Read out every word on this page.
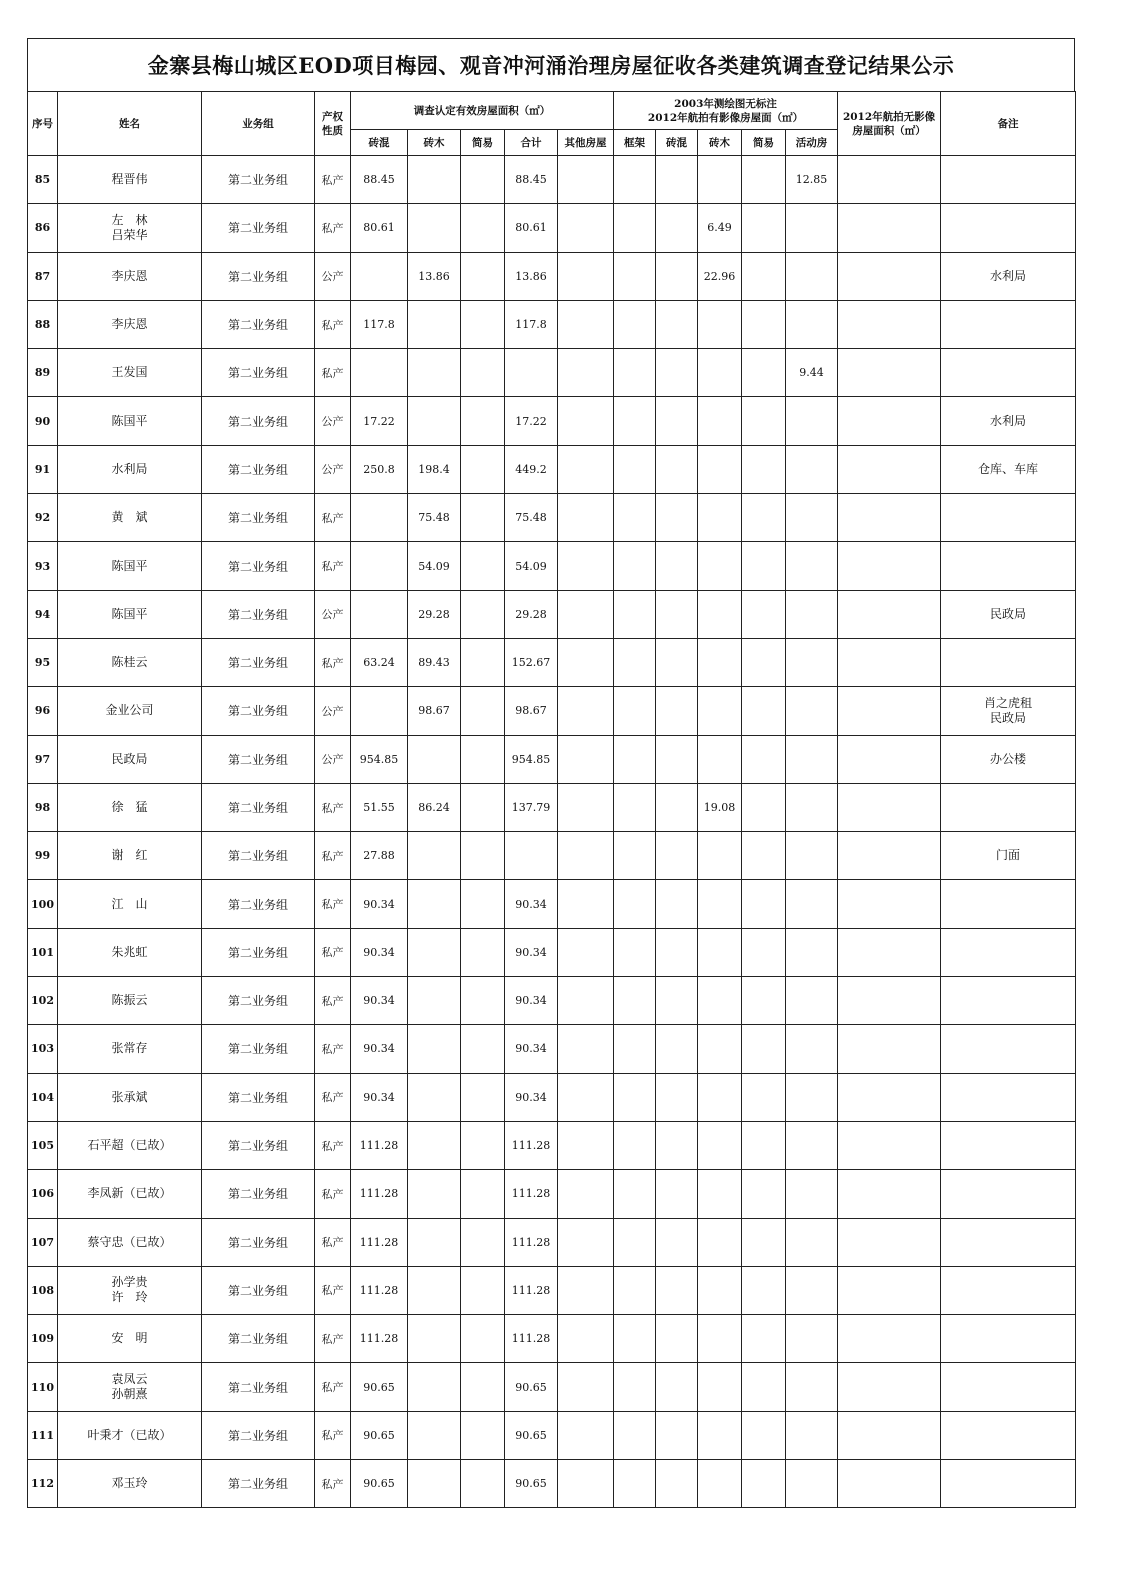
金寨县梅山城区EOD项目梅园、观音冲河涌治理房屋征收各类建筑调查登记结果公示
序号	姓名	业务组	产权
性质	调查认定有效房屋面积（㎡）					2003年测绘图无标注
2012年航拍有影像房屋面（㎡）					2012年航拍无影像
房屋面积（㎡）	备注
				砖混	砖木	简易	合计	其他房屋	框架	砖混	砖木	简易	活动房		
85	程晋伟	第二业务组	私产	88.45			88.45						12.85		
86	左　林
吕荣华	第二业务组	私产	80.61			80.61				6.49				
87	李庆恩	第二业务组	公产		13.86		13.86				22.96				水利局

88	李庆恩	第二业务组	私产	117.8			117.8								
89	王发国	第二业务组	私产										9.44		
90	陈国平	第二业务组	公产	17.22			17.22								水利局

91	水利局	第二业务组	公产	250.8	198.4		449.2								仓库、车库

92	黄　斌	第二业务组	私产		75.48		75.48								
93	陈国平	第二业务组	私产		54.09		54.09								
94	陈国平	第二业务组	公产		29.28		29.28								民政局

95	陈桂云	第二业务组	私产	63.24	89.43		152.67								
96	金业公司	第二业务组	公产		98.67		98.67								肖之虎租
民政局

97	民政局	第二业务组	公产	954.85			954.85								办公楼

98	徐　猛	第二业务组	私产	51.55	86.24		137.79				19.08				
99	谢　红	第二业务组	私产	27.88											门面

100	江　山	第二业务组	私产	90.34			90.34								
101	朱兆虹	第二业务组	私产	90.34			90.34								
102	陈振云	第二业务组	私产	90.34			90.34								
103	张常存	第二业务组	私产	90.34			90.34								
104	张承斌	第二业务组	私产	90.34			90.34								
105	石平超（已故）	第二业务组	私产	111.28			111.28								
106	李凤新（已故）	第二业务组	私产	111.28			111.28								
107	蔡守忠（已故）	第二业务组	私产	111.28			111.28								
108	孙学贵
许　玲	第二业务组	私产	111.28			111.28								
109	安　明	第二业务组	私产	111.28			111.28								
110	袁凤云
孙朝熹	第二业务组	私产	90.65			90.65								
111	叶秉才（已故）	第二业务组	私产	90.65			90.65								
112	邓玉玲	第二业务组	私产	90.65			90.65								
